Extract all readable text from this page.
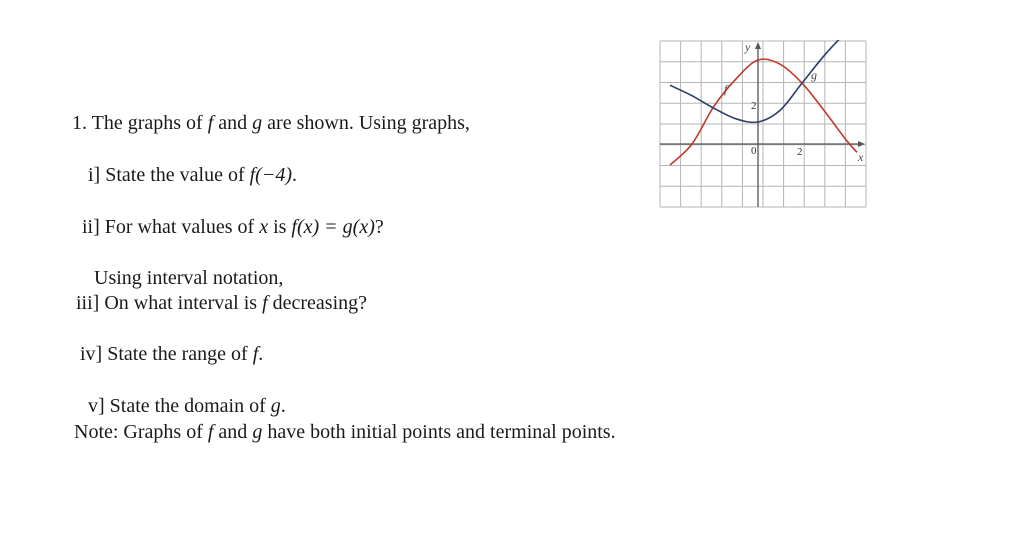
1. The graphs of f and g are shown. Using graphs,
i] State the value of f(−4).
ii] For what values of x is f(x) = g(x)?
Using interval notation,
iii] On what interval is f decreasing?
iv] State the range of f.
v] State the domain of g.
Note: Graphs of f and g have both initial points and terminal points.
y
x
0	2
2
f
g
